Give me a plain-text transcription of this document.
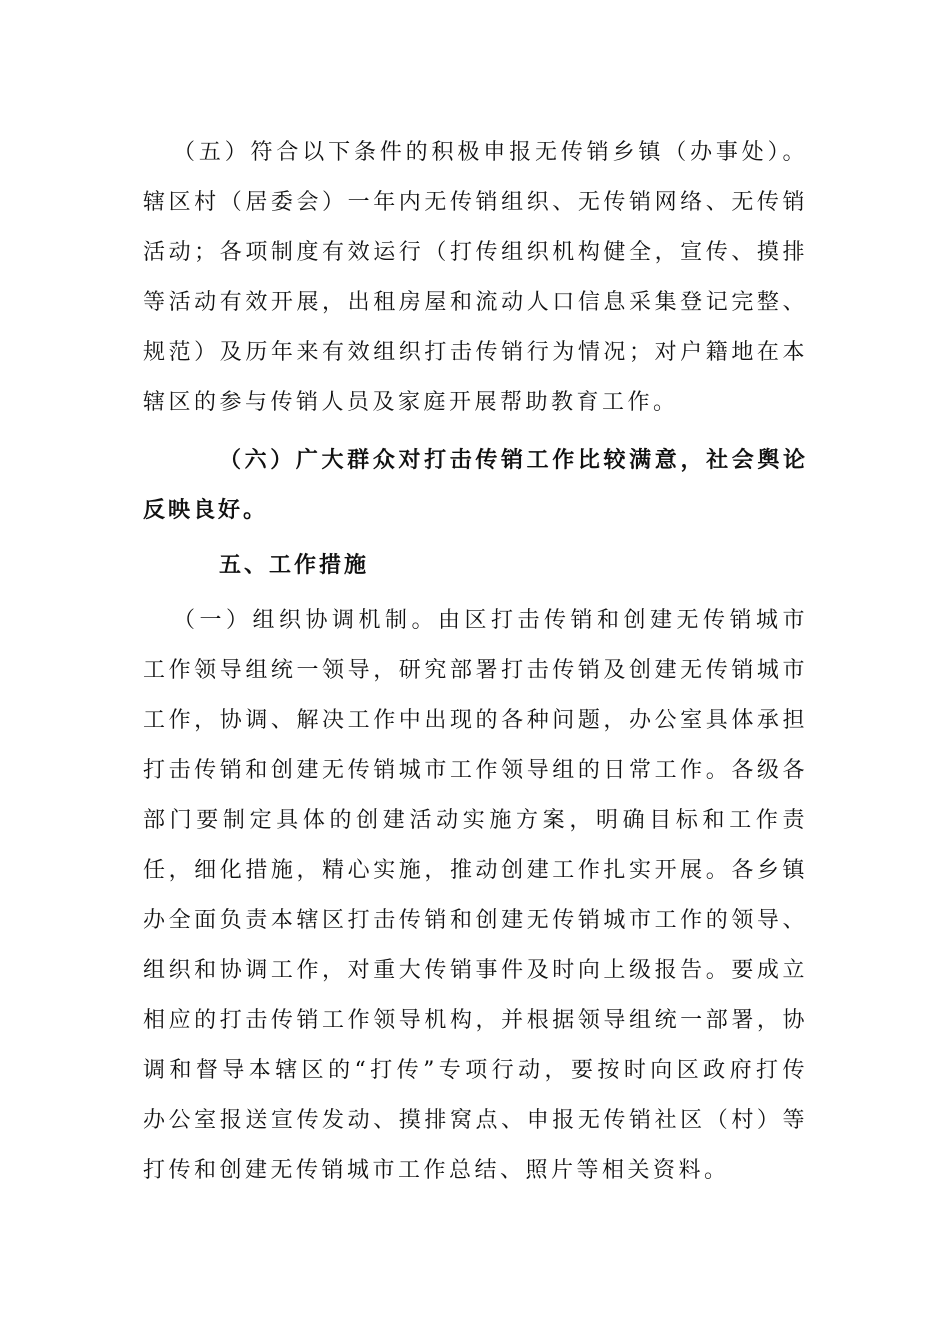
（五）符合以下条件的积极申报无传销乡镇（办事处）。辖区村（居委会）一年内无传销组织、无传销网络、无传销活动；各项制度有效运行（打传组织机构健全，宣传、摸排等活动有效开展，出租房屋和流动人口信息采集登记完整、规范）及历年来有效组织打击传销行为情况；对户籍地在本辖区的参与传销人员及家庭开展帮助教育工作。

（六）广大群众对打击传销工作比较满意，社会舆论反映良好。

五、工作措施

（一）组织协调机制。由区打击传销和创建无传销城市工作领导组统一领导，研究部署打击传销及创建无传销城市工作，协调、解决工作中出现的各种问题，办公室具体承担打击传销和创建无传销城市工作领导组的日常工作。各级各部门要制定具体的创建活动实施方案，明确目标和工作责任，细化措施，精心实施，推动创建工作扎实开展。各乡镇办全面负责本辖区打击传销和创建无传销城市工作的领导、组织和协调工作，对重大传销事件及时向上级报告。要成立相应的打击传销工作领导机构，并根据领导组统一部署，协调和督导本辖区的“打传”专项行动，要按时向区政府打传办公室报送宣传发动、摸排窝点、申报无传销社区（村）等打传和创建无传销城市工作总结、照片等相关资料。
